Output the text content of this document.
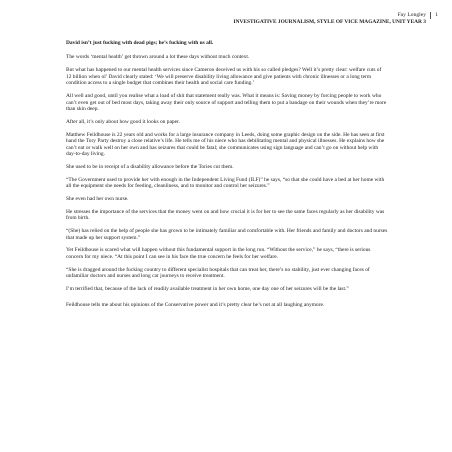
Fay Longley	1
INVESTIGATIVE JOURNALISM, STYLE OF VICE MAGAZINE, UNIT YEAR 3

David isn’t just fucking with dead pigs; he’s fucking with us all.

The words ‘mental health’ get thrown around a lot these days without much context.

But what has happened to our mental health services since Cameron deceived us with his so called pledges? Well it’s pretty clear: welfare cuts of 12 billion when ol’ David clearly stated: ‘We will preserve disability living allowance and give patients with chronic illnesses or a long term condition access to a single budget that combines their health and social care funding.’

All well and good, until you realise what a load of shit that statement really was. What it means is: Saving money by forcing people to work who can’t even get out of bed most days, taking away their only source of support and telling them to put a bandage on their wounds when they’re more than skin deep.

After all, it’s only about how good it looks on paper.

Matthew Feildhouse is 22 years old and works for a large insurance company in Leeds, doing some graphic design on the side. He has seen at first hand the Tory Party destroy a close relative’s life. He tells me of his niece who has debilitating mental and physical illnesses. He explains how she can’t eat or walk well on her own and has seizures that could be fatal; she communicates using sign language and can’t go on without help with day-to-day living.

She used to be in receipt of a disability allowance before the Tories cut them.

“The Government used to provide her with enough in the Independent Living Fund (ILF)” he says, “so that she could have a bed at her home with all the equipment she needs for feeding, cleanliness, and to monitor and control her seizures.”

She even had her own nurse.

He stresses the importance of the services that the money went on and how crucial it is for her to see the same faces regularly as her disability was from birth.

“(She) has relied on the help of people she has grown to be intimately familiar and comfortable with. Her friends and family and doctors and nurses that made up her support system.”

Yet Feildhouse is scared what will happen without this fundamental support in the long run. “Without the service,” he says, “there is serious concern for my niece. “At this point I can see in his face the true concern he feels for her welfare.

“She is dragged around the fucking country to different specialist hospitals that can treat her, there’s no stability, just ever changing faces of unfamiliar doctors and nurses and long car journeys to receive treatment.

I’m terrified that, because of the lack of readily available treatment in her own home, one day one of her seizures will be the last.”

Feildhouse tells me about his opinions of the Conservative power and it’s pretty clear he’s not at all laughing anymore.
